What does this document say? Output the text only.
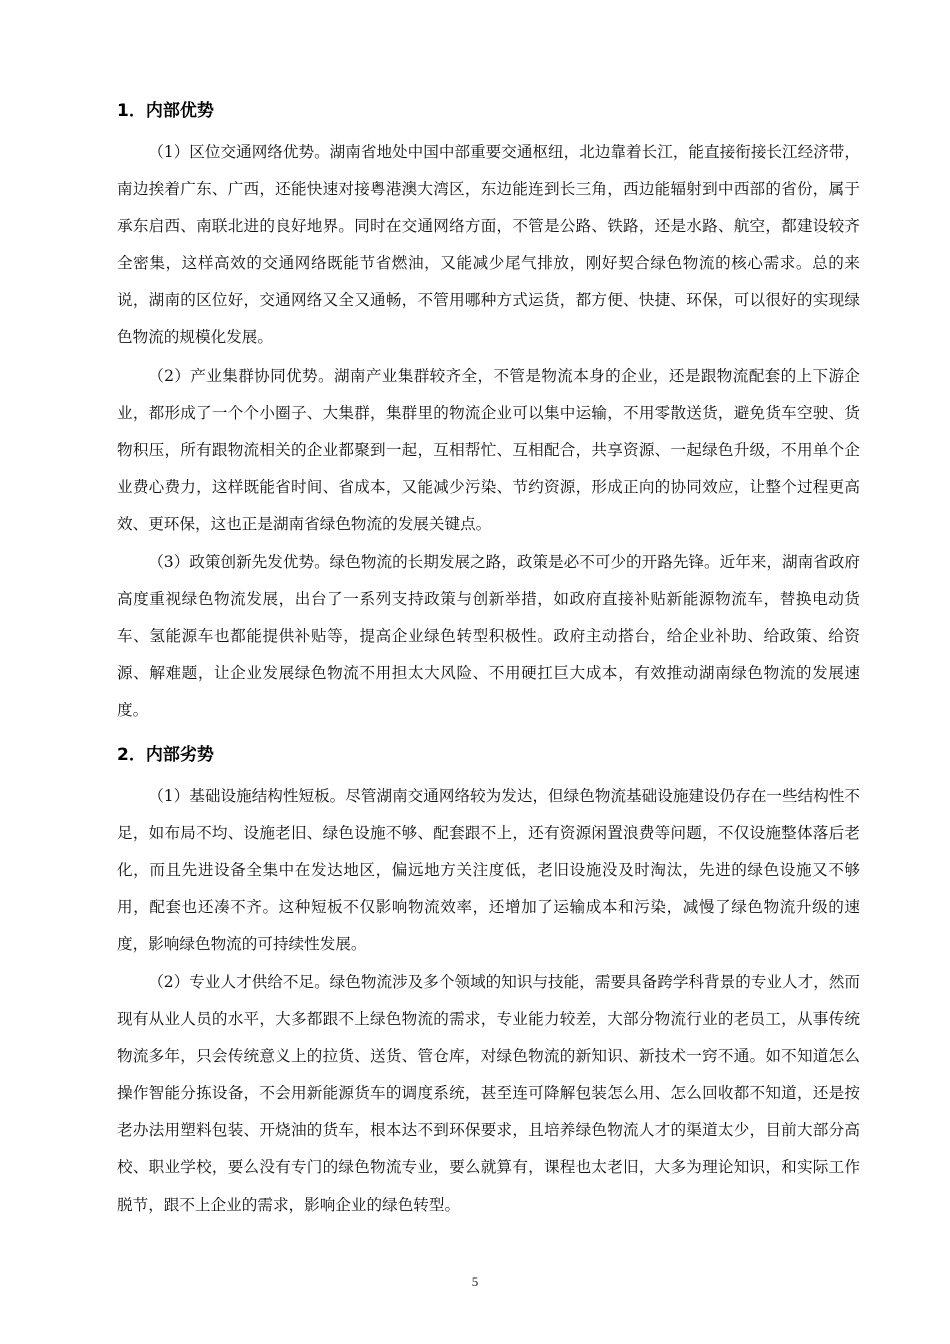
1．内部优势

（1）区位交通网络优势。湖南省地处中国中部重要交通枢纽，北边靠着长江，能直接衔接长江经济带，南边挨着广东、广西，还能快速对接粤港澳大湾区，东边能连到长三角，西边能辐射到中西部的省份，属于承东启西、南联北进的良好地界。同时在交通网络方面，不管是公路、铁路，还是水路、航空，都建设较齐全密集，这样高效的交通网络既能节省燃油，又能减少尾气排放，刚好契合绿色物流的核心需求。总的来说，湖南的区位好，交通网络又全又通畅，不管用哪种方式运货，都方便、快捷、环保，可以很好的实现绿色物流的规模化发展。

（2）产业集群协同优势。湖南产业集群较齐全，不管是物流本身的企业，还是跟物流配套的上下游企业，都形成了一个个小圈子、大集群，集群里的物流企业可以集中运输，不用零散送货，避免货车空驶、货物积压，所有跟物流相关的企业都聚到一起，互相帮忙、互相配合，共享资源、一起绿色升级，不用单个企业费心费力，这样既能省时间、省成本，又能减少污染、节约资源，形成正向的协同效应，让整个过程更高效、更环保，这也正是湖南省绿色物流的发展关键点。

（3）政策创新先发优势。绿色物流的长期发展之路，政策是必不可少的开路先锋。近年来，湖南省政府高度重视绿色物流发展，出台了一系列支持政策与创新举措，如政府直接补贴新能源物流车，替换电动货车、氢能源车也都能提供补贴等，提高企业绿色转型积极性。政府主动搭台，给企业补助、给政策、给资源、解难题，让企业发展绿色物流不用担太大风险、不用硬扛巨大成本，有效推动湖南绿色物流的发展速度。

2．内部劣势

（1）基础设施结构性短板。尽管湖南交通网络较为发达，但绿色物流基础设施建设仍存在一些结构性不足，如布局不均、设施老旧、绿色设施不够、配套跟不上，还有资源闲置浪费等问题，不仅设施整体落后老化，而且先进设备全集中在发达地区，偏远地方关注度低，老旧设施没及时淘汰，先进的绿色设施又不够用，配套也还凑不齐。这种短板不仅影响物流效率，还增加了运输成本和污染，减慢了绿色物流升级的速度，影响绿色物流的可持续性发展。

（2）专业人才供给不足。绿色物流涉及多个领域的知识与技能，需要具备跨学科背景的专业人才，然而现有从业人员的水平，大多都跟不上绿色物流的需求，专业能力较差，大部分物流行业的老员工，从事传统物流多年，只会传统意义上的拉货、送货、管仓库，对绿色物流的新知识、新技术一窍不通。如不知道怎么操作智能分拣设备，不会用新能源货车的调度系统，甚至连可降解包装怎么用、怎么回收都不知道，还是按老办法用塑料包装、开烧油的货车，根本达不到环保要求，且培养绿色物流人才的渠道太少，目前大部分高校、职业学校，要么没有专门的绿色物流专业，要么就算有，课程也太老旧，大多为理论知识，和实际工作脱节，跟不上企业的需求，影响企业的绿色转型。

5
